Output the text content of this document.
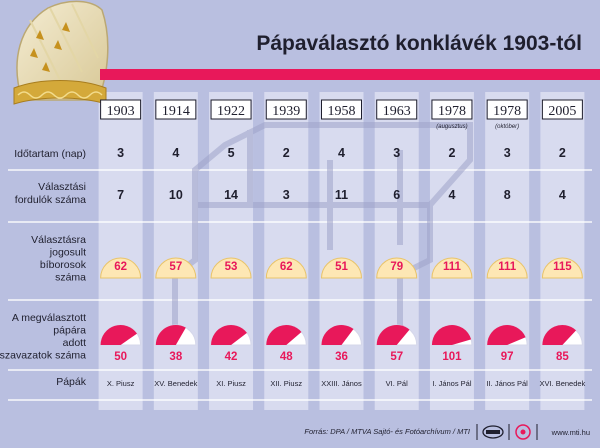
Pápaválasztó konklávék 1903-tól
Időtartam (nap)
Választási fordulók száma
Választásra jogosult bíborosok száma
A megválasztott pápára adott szavazatok száma
Pápák
1903
3
7
62
50
X. Piusz
1914
4
10
57
38
XV. Benedek
1922
5
14
53
42
XI. Piusz
1939
2
3
62
48
XII. Piusz
1958
4
11
51
36
XXIII. János
1963
3
6
79
57
VI. Pál
1978
(augusztus)
2
4
111
101
I. János Pál
1978
(október)
3
8
111
97
II. János Pál
2005
2
4
115
85
XVI. Benedek
Forrás: DPA / MTVA Sajtó- és Fotóarchívum / MTI	www.mti.hu
